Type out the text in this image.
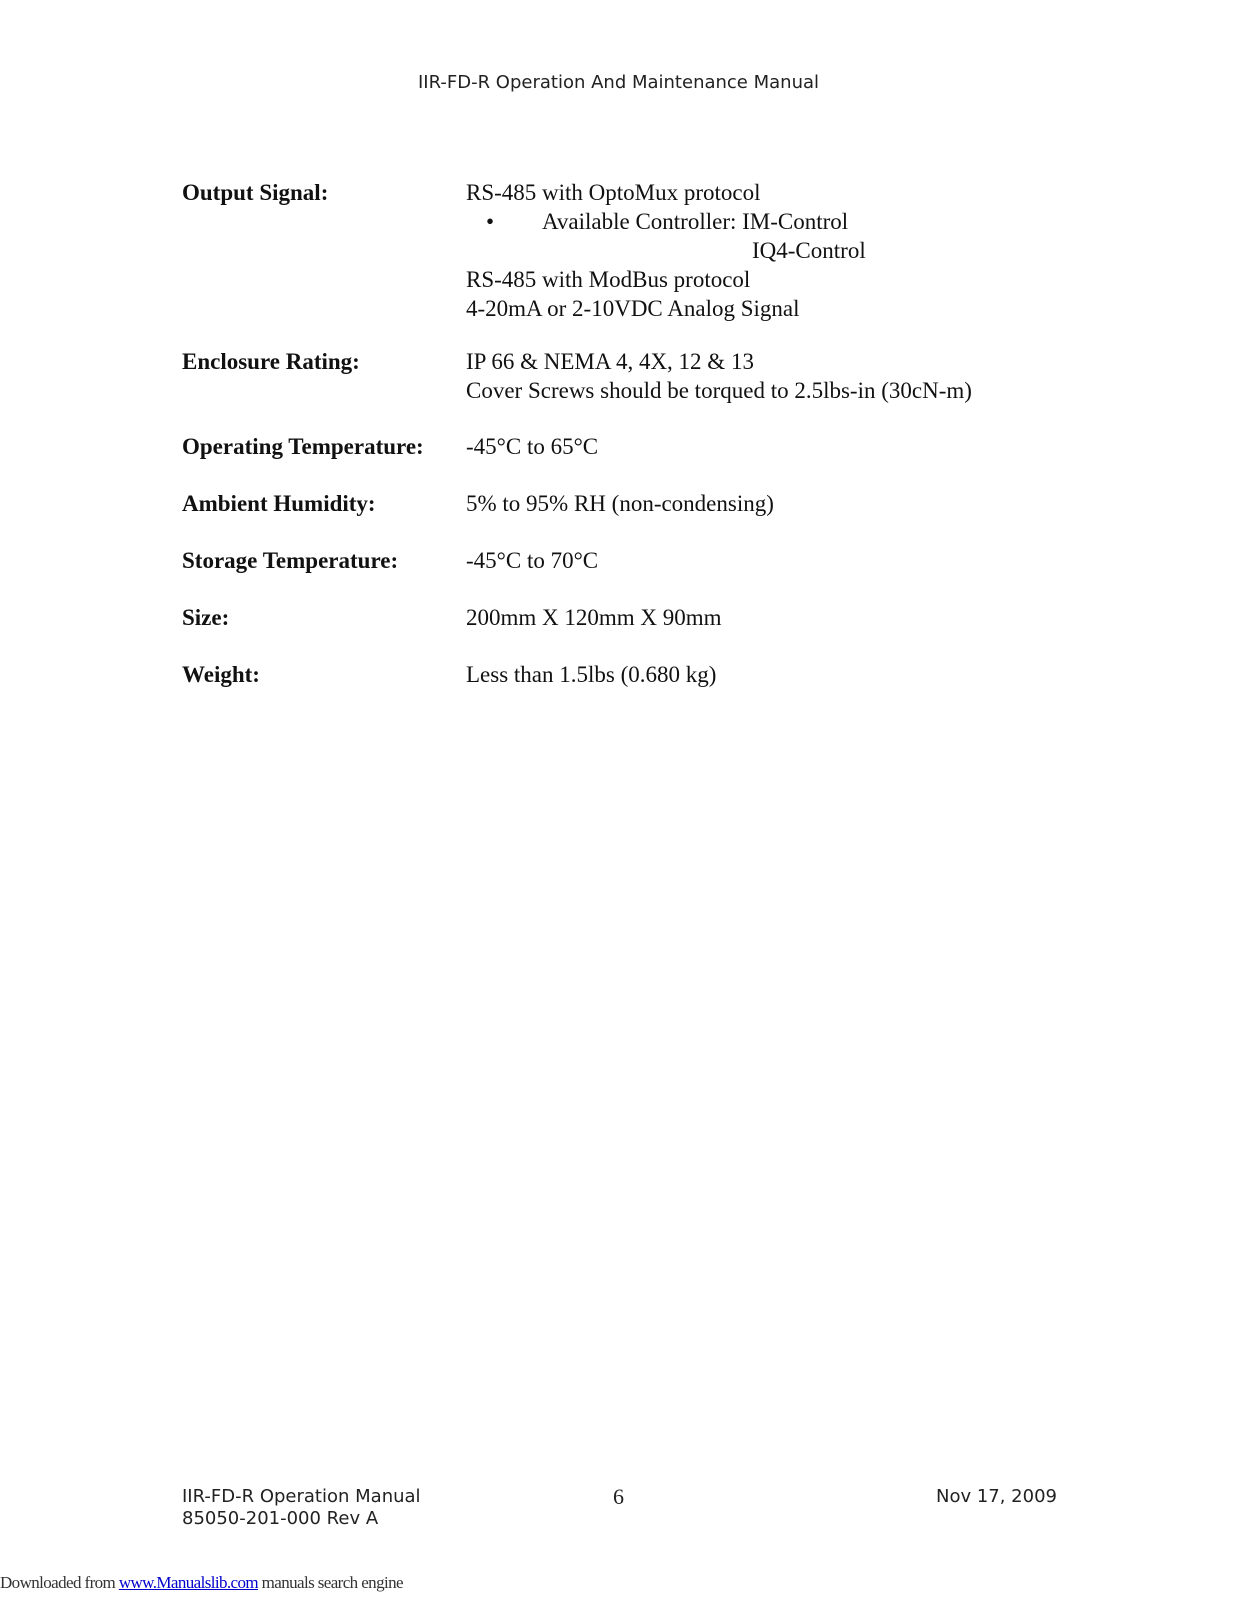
IIR-FD-R Operation And Maintenance Manual
Output Signal:	RS-485 with OptoMux protocol
• Available Controller: IM-Control
IQ4-Control
RS-485 with ModBus protocol
4-20mA or 2-10VDC Analog Signal
Enclosure Rating:	IP 66 & NEMA 4, 4X, 12 & 13
Cover Screws should be torqued to 2.5lbs-in (30cN-m)
Operating Temperature: -45°C to 65°C
Ambient Humidity:	5% to 95% RH (non-condensing)
Storage Temperature:	-45°C to 70°C
Size:	200mm X 120mm X 90mm
Weight:	Less than 1.5lbs (0.680 kg)
IIR-FD-R Operation Manual
85050-201-000 Rev A
6	Nov 17, 2009
Downloaded from www.Manualslib.com manuals search engine
